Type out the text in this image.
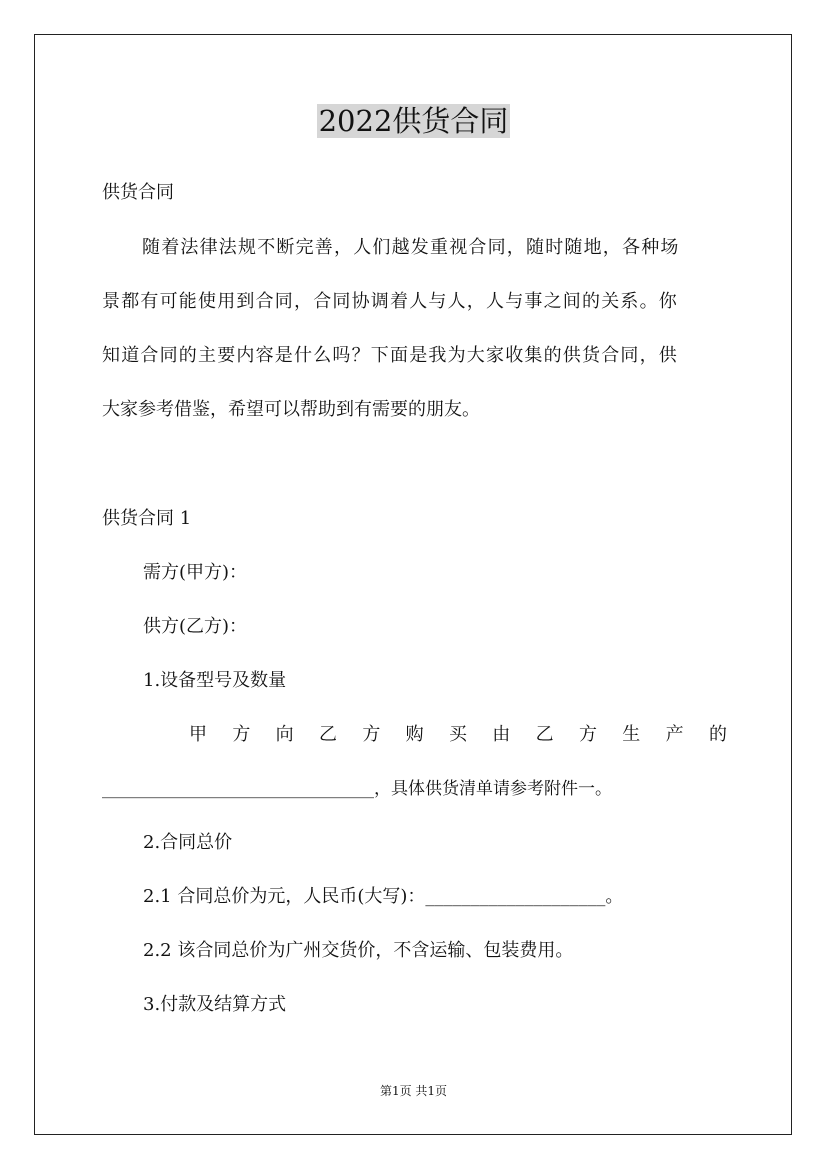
2022供货合同
供货合同
随着法律法规不断完善，人们越发重视合同，随时随地，各种场
景都有可能使用到合同，合同协调着人与人，人与事之间的关系。你
知道合同的主要内容是什么吗？下面是我为大家收集的供货合同，供
大家参考借鉴，希望可以帮助到有需要的朋友。
供货合同 1
需方(甲方)：
供方(乙方)：
1.设备型号及数量
甲 方 向 乙 方 购 买 由 乙 方 生 产 的
________________________________，具体供货清单请参考附件一。
2.合同总价
2.1 合同总价为元，人民币(大写)：____________________。
2.2 该合同总价为广州交货价，不含运输、包装费用。
3.付款及结算方式
第1页 共1页
